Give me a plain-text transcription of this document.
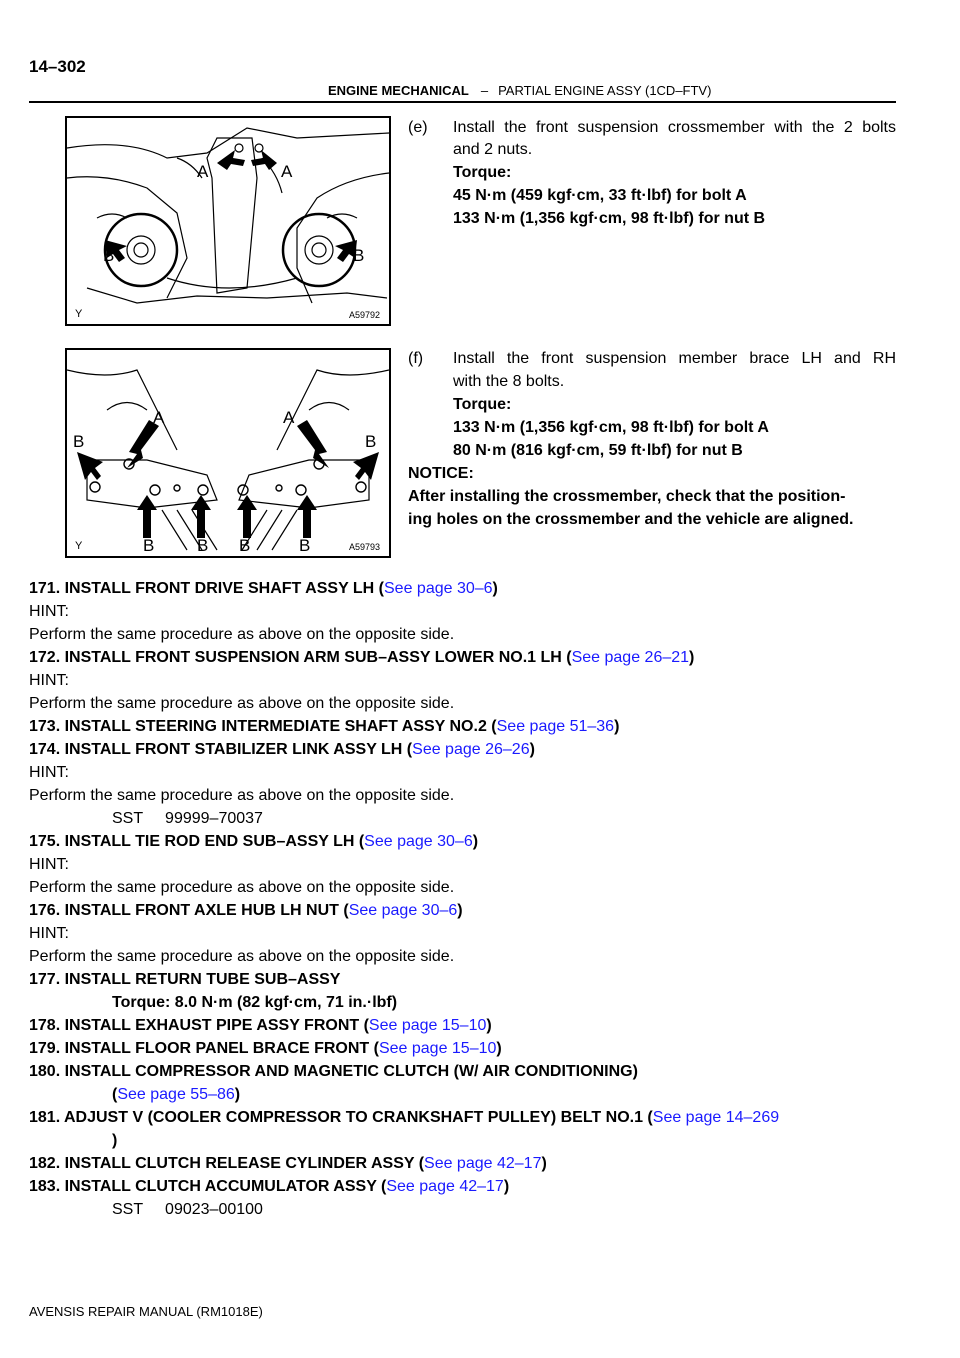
14–302
ENGINE MECHANICAL – PARTIAL ENGINE ASSY (1CD–FTV)
A	A
B	B
Y	A59792
A	A
B	B
B	B B	B
Y	A59793
(e) Install the front suspension crossmember with the 2 bolts
and 2 nuts.
Torque:
45 N·m (459 kgf·cm, 33 ft·lbf) for bolt A
133 N·m (1,356 kgf·cm, 98 ft·lbf) for nut B
(f) Install the front suspension member brace LH and RH
with the 8 bolts.
Torque:
133 N·m (1,356 kgf·cm, 98 ft·lbf) for bolt A
80 N·m (816 kgf·cm, 59 ft·lbf) for nut B
NOTICE:
After installing the crossmember, check that the position-
ing holes on the crossmember and the vehicle are aligned.
171. INSTALL FRONT DRIVE SHAFT ASSY LH (See page 30–6)
HINT:
Perform the same procedure as above on the opposite side.
172. INSTALL FRONT SUSPENSION ARM SUB–ASSY LOWER NO.1 LH (See page 26–21)
HINT:
Perform the same procedure as above on the opposite side.
173. INSTALL STEERING INTERMEDIATE SHAFT ASSY NO.2 (See page 51–36)
174. INSTALL FRONT STABILIZER LINK ASSY LH (See page 26–26)
HINT:
Perform the same procedure as above on the opposite side.
SST     99999–70037
175. INSTALL TIE ROD END SUB–ASSY LH (See page 30–6)
HINT:
Perform the same procedure as above on the opposite side.
176. INSTALL FRONT AXLE HUB LH NUT (See page 30–6)
HINT:
Perform the same procedure as above on the opposite side.
177. INSTALL RETURN TUBE SUB–ASSY
Torque: 8.0 N·m (82 kgf·cm, 71 in.·lbf)
178. INSTALL EXHAUST PIPE ASSY FRONT (See page 15–10)
179. INSTALL FLOOR PANEL BRACE FRONT (See page 15–10)
180. INSTALL COMPRESSOR AND MAGNETIC CLUTCH (W/ AIR CONDITIONING)
(See page 55–86)
181. ADJUST V (COOLER COMPRESSOR TO CRANKSHAFT PULLEY) BELT NO.1 (See page 14–269
)
182. INSTALL CLUTCH RELEASE CYLINDER ASSY (See page 42–17)
183. INSTALL CLUTCH ACCUMULATOR ASSY (See page 42–17)
SST     09023–00100
AVENSIS REPAIR MANUAL (RM1018E)
